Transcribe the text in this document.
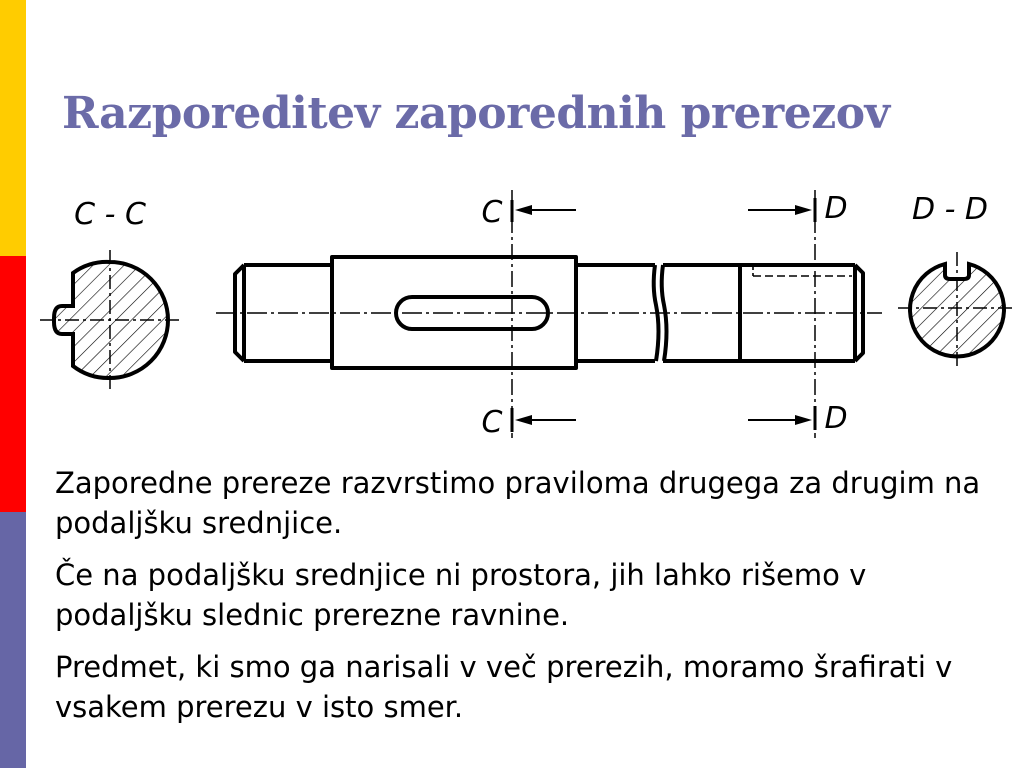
Razporeditev zaporednih prerezov
C - C	C
C
D
D
D - D

Zaporedne prereze razvrstimo praviloma drugega za drugim na podaljšku srednjice.

Če na podaljšku srednjice ni prostora, jih lahko rišemo v podaljšku slednic prerezne ravnine.

Predmet, ki smo ga narisali v več prerezih, moramo šrafirati v vsakem prerezu v isto smer.
